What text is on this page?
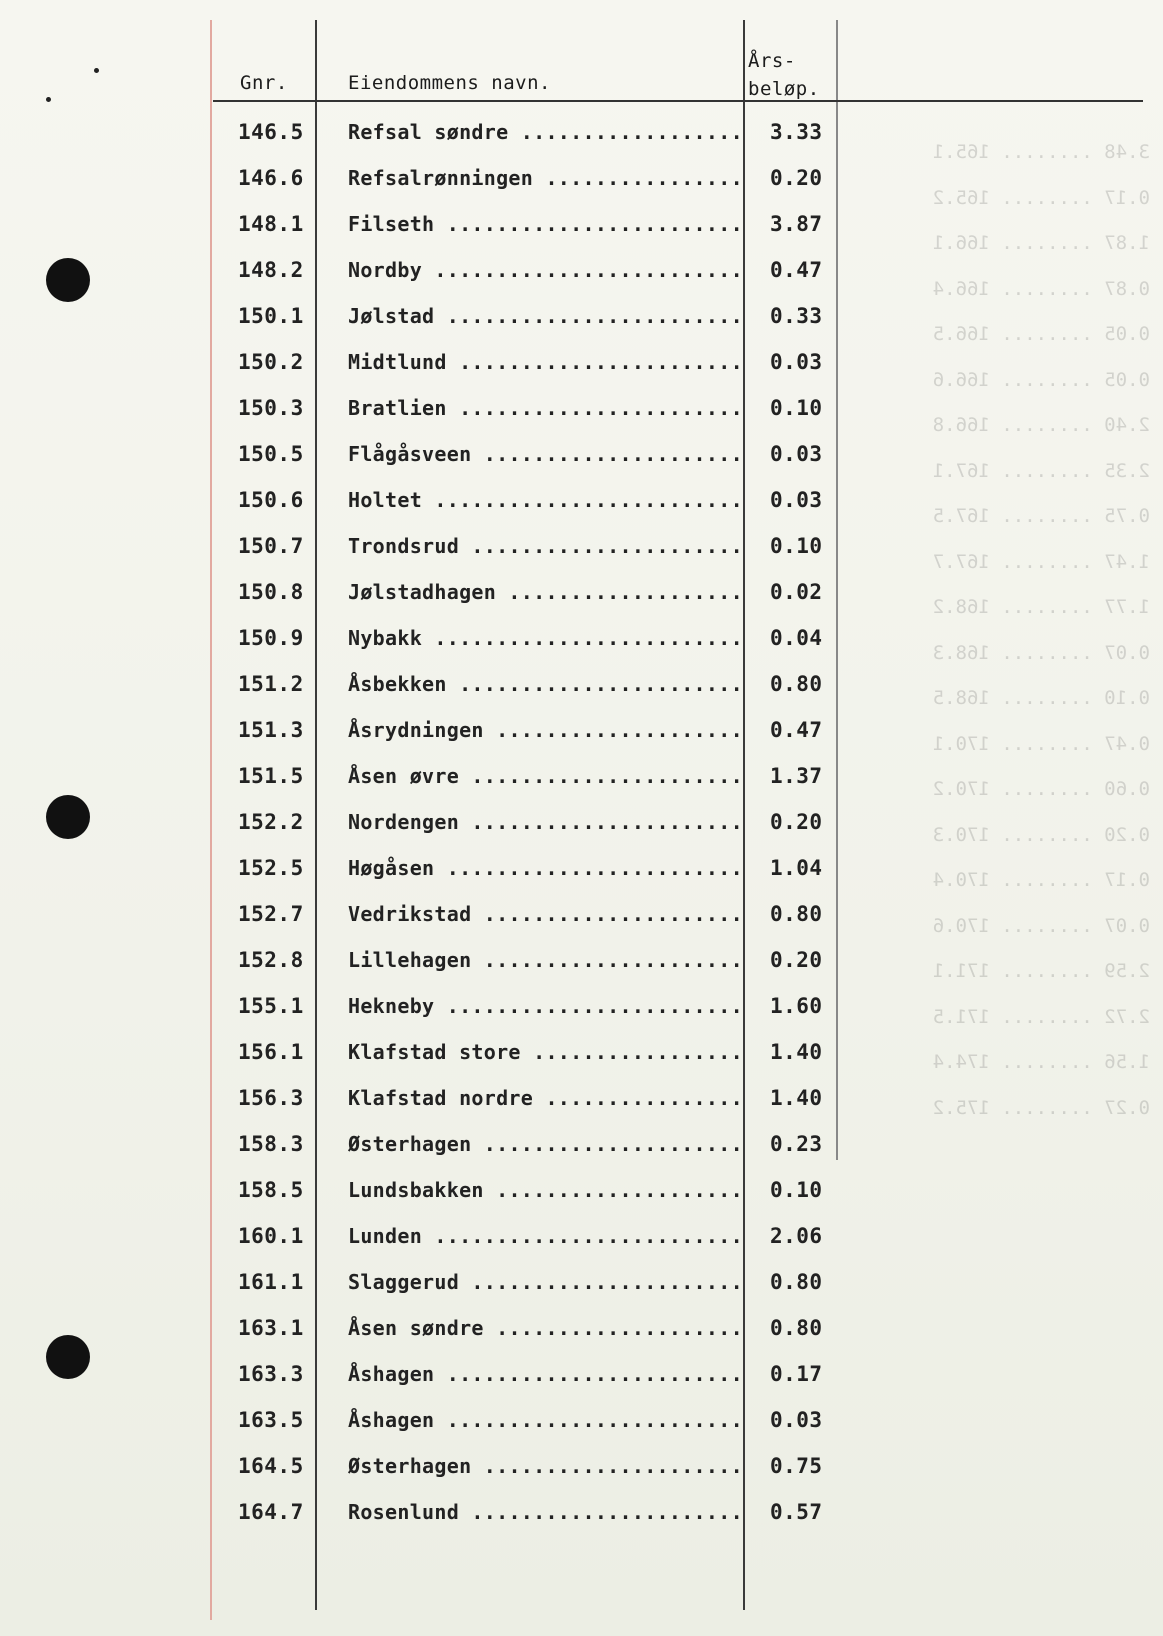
3.48 ........ 165.1
0.17 ........ 165.2
1.87 ........ 166.1
0.87 ........ 166.4
0.05 ........ 166.5
0.05 ........ 166.6
2.40 ........ 166.8
2.35 ........ 167.1
0.75 ........ 167.5
1.47 ........ 167.7
1.77 ........ 168.2
0.07 ........ 168.3
0.10 ........ 168.5
0.47 ........ 170.1
0.60 ........ 170.2
0.20 ........ 170.3
0.17 ........ 170.4
0.07 ........ 170.6
2.59 ........ 171.1
2.72 ........ 171.5
1.56 ........ 174.4
0.27 ........ 175.2
Gnr.	Eiendommens navn.
Års-
beløp.
146.5 Refsal søndre .....	3.33
146.6 Refsalrønningen .....	0.20
148.1 Filseth .....	3.87
148.2 Nordby .....	0.47
150.1 Jølstad .....	0.33
150.2 Midtlund .....	0.03
150.3 Bratlien .....	0.10
150.5 Flågåsveen .....	0.03
150.6 Holtet .....	0.03
150.7 Trondsrud .....	0.10
150.8 Jølstadhagen .....	0.02
150.9 Nybakk .....	0.04
151.2 Åsbekken .....	0.80
151.3 Åsrydningen .....	0.47
151.5 Åsen øvre .....	1.37
152.2 Nordengen .....	0.20
152.5 Høgåsen .....	1.04
152.7 Vedrikstad .....	0.80
152.8 Lillehagen .....	0.20
155.1 Hekneby .....	1.60
156.1 Klafstad store .....	1.40
156.3 Klafstad nordre .....	1.40
158.3 Østerhagen .....	0.23
158.5 Lundsbakken .....	0.10
160.1 Lunden .....	2.06
161.1 Slaggerud .....	0.80
163.1 Åsen søndre .....	0.80
163.3 Åshagen .....	0.17
163.5 Åshagen .....	0.03
164.5 Østerhagen .....	0.75
164.7 Rosenlund .....	0.57
